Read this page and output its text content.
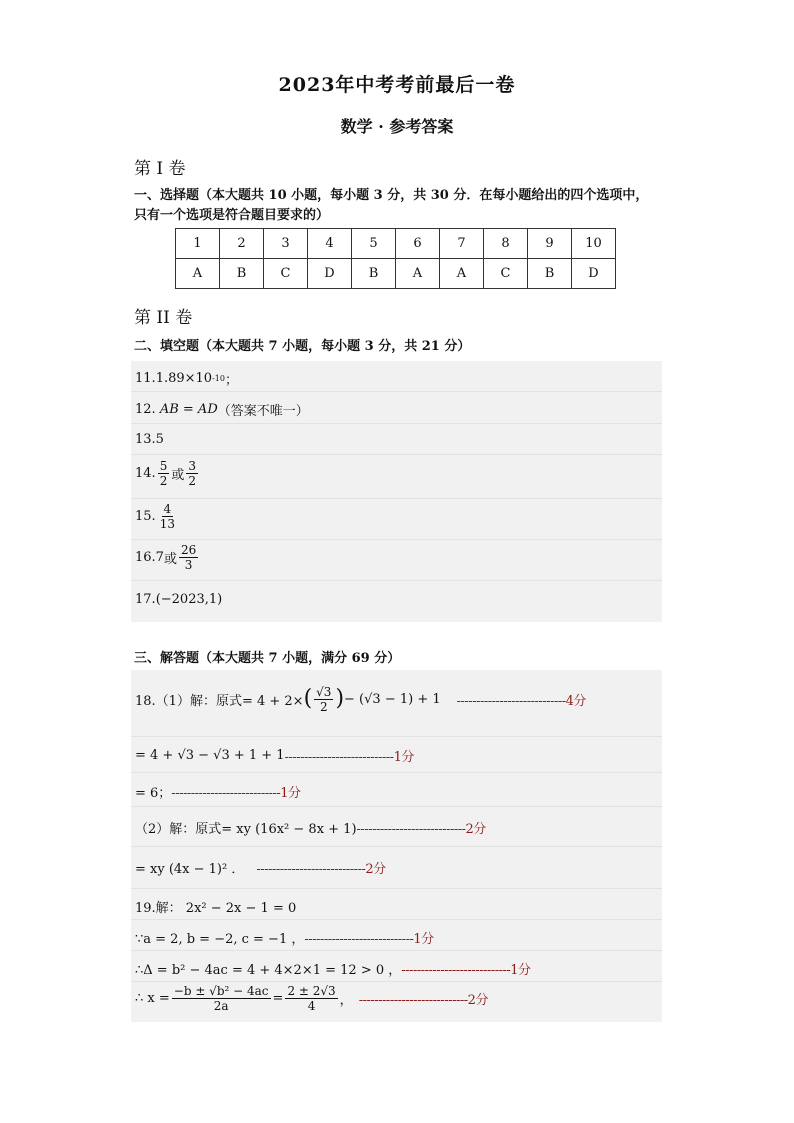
2023年中考考前最后一卷
数学 · 参考答案
第 I 卷
一、选择题（本大题共 10 小题，每小题 3 分，共 30 分．在每小题给出的四个选项中，
只有一个选项是符合题目要求的）
1	2	3	4	5	6	7	8	9	10
A	B	C	D	B	A	A	C	B	D
第 II 卷
二、填空题（本大题共 7 小题，每小题 3 分，共 21 分）
11. 1.89×10 -10 ；
12.
AB = AD （答案不唯一）
13.5
14. $\frac{5}{2}$ 或 $\frac{3}{2}$
15. $\frac{4}{13}$
16.7 或 $\frac{26}{3}$
17. (−2023,1)
三、解答题（本大题共 7 小题，满分 69 分）
18.（1）解：原式= 4 + 2× ( $\frac{√3}{2}$ ) − (√3 − 1) + 1 ----------------------------4分
= 4 + √3 − √3 + 1 + 1 ----------------------------1分
= 6； ----------------------------1分
（2）解：原式= xy (16x² − 8x + 1) ----------------------------2分
= xy (4x − 1)² ． ----------------------------2分
19.解： 2x² − 2x − 1 = 0
∵a = 2, b = −2, c = −1 ， ----------------------------1分
∴Δ = b² − 4ac = 4 + 4×2×1 = 12 > 0 ， ----------------------------1分
∴ $x = \frac{\text{−b ± √b² − 4ac}}{2a} = \frac{2 \pm 2√3}{4}$ ， ----------------------------2分
